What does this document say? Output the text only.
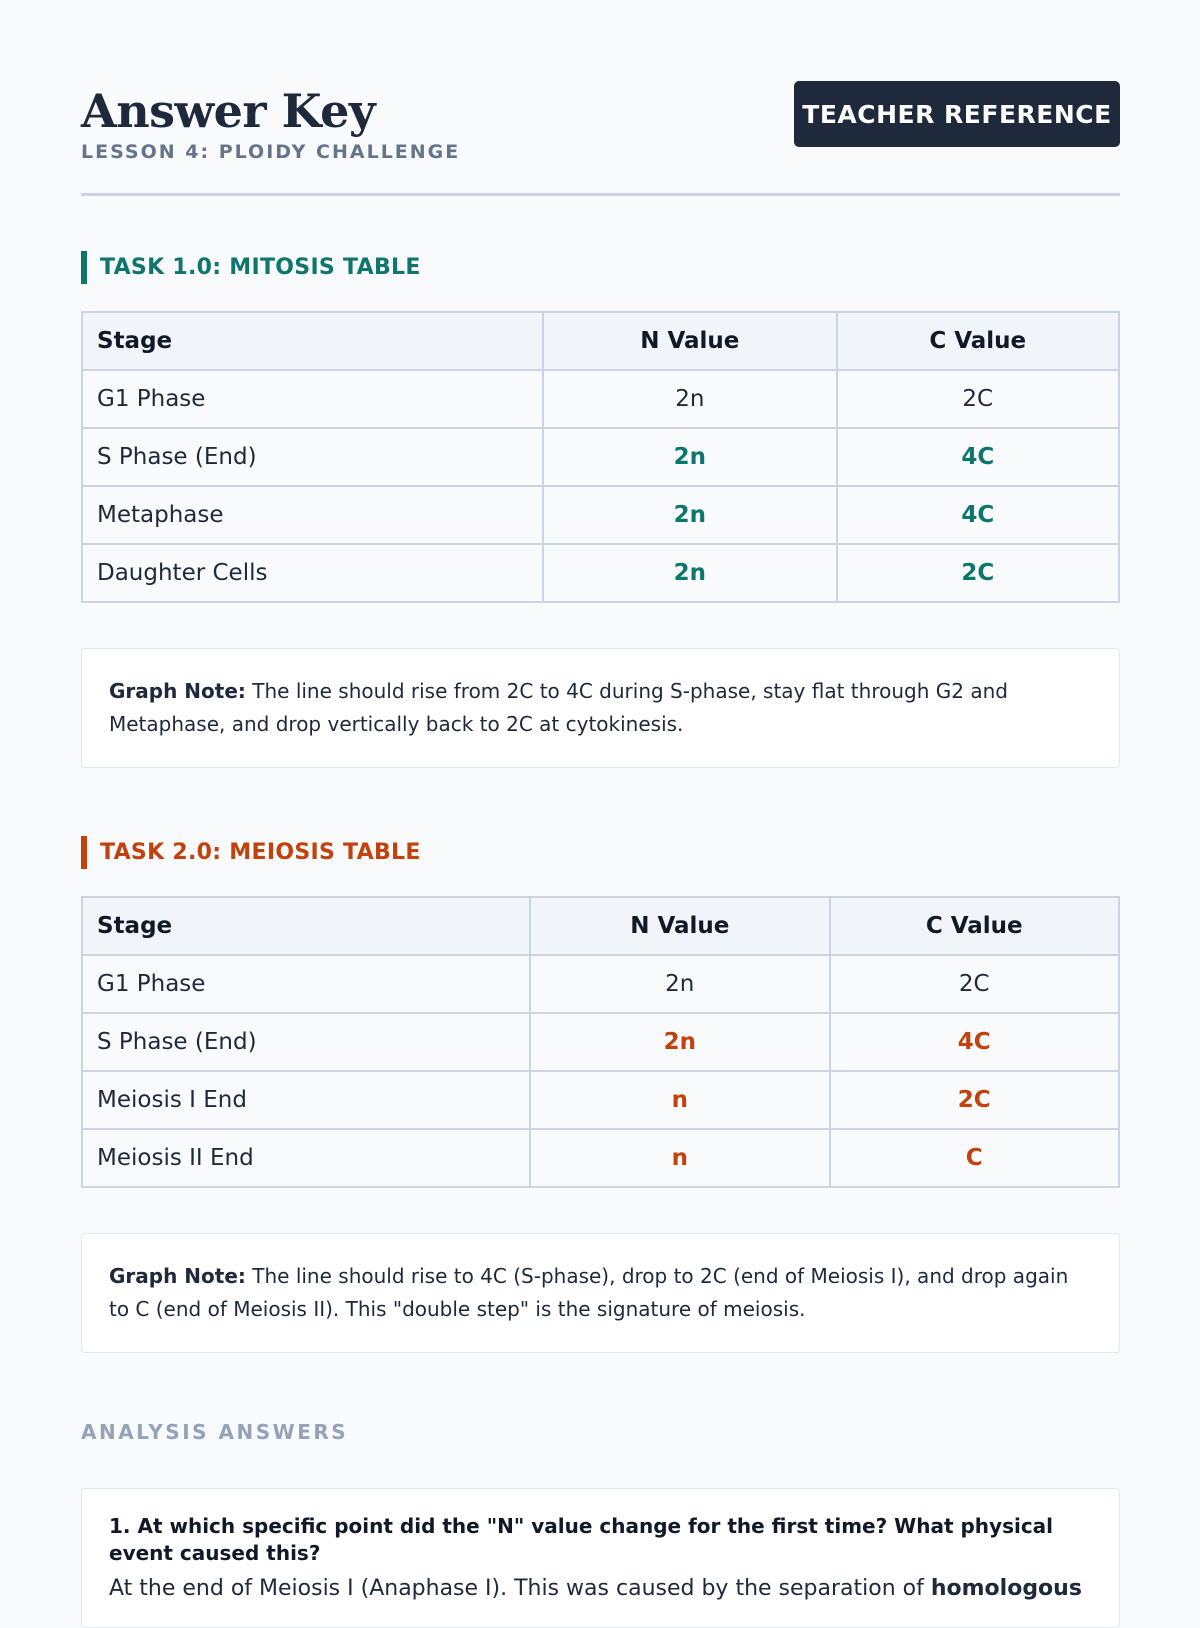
Answer Key
LESSON 4: PLOIDY CHALLENGE
TEACHER REFERENCE
TASK 1.0: MITOSIS TABLE
Stage	N Value	C Value
G1 Phase	2n	2C
S Phase (End)	2n	4C
Metaphase	2n	4C
Daughter Cells	2n	2C
Graph Note: The line should rise from 2C to 4C during S-phase, stay flat through G2 and Metaphase, and drop vertically back to 2C at cytokinesis.
TASK 2.0: MEIOSIS TABLE
Stage	N Value	C Value
G1 Phase	2n	2C
S Phase (End)	2n	4C
Meiosis I End	n	2C
Meiosis II End	n	C
Graph Note: The line should rise to 4C (S-phase), drop to 2C (end of Meiosis I), and drop again to C (end of Meiosis II). This "double step" is the signature of meiosis.
ANALYSIS ANSWERS
1. At which specific point did the "N" value change for the first time? What physical event caused this?
At the end of Meiosis I (Anaphase I). This was caused by the separation of homologous
